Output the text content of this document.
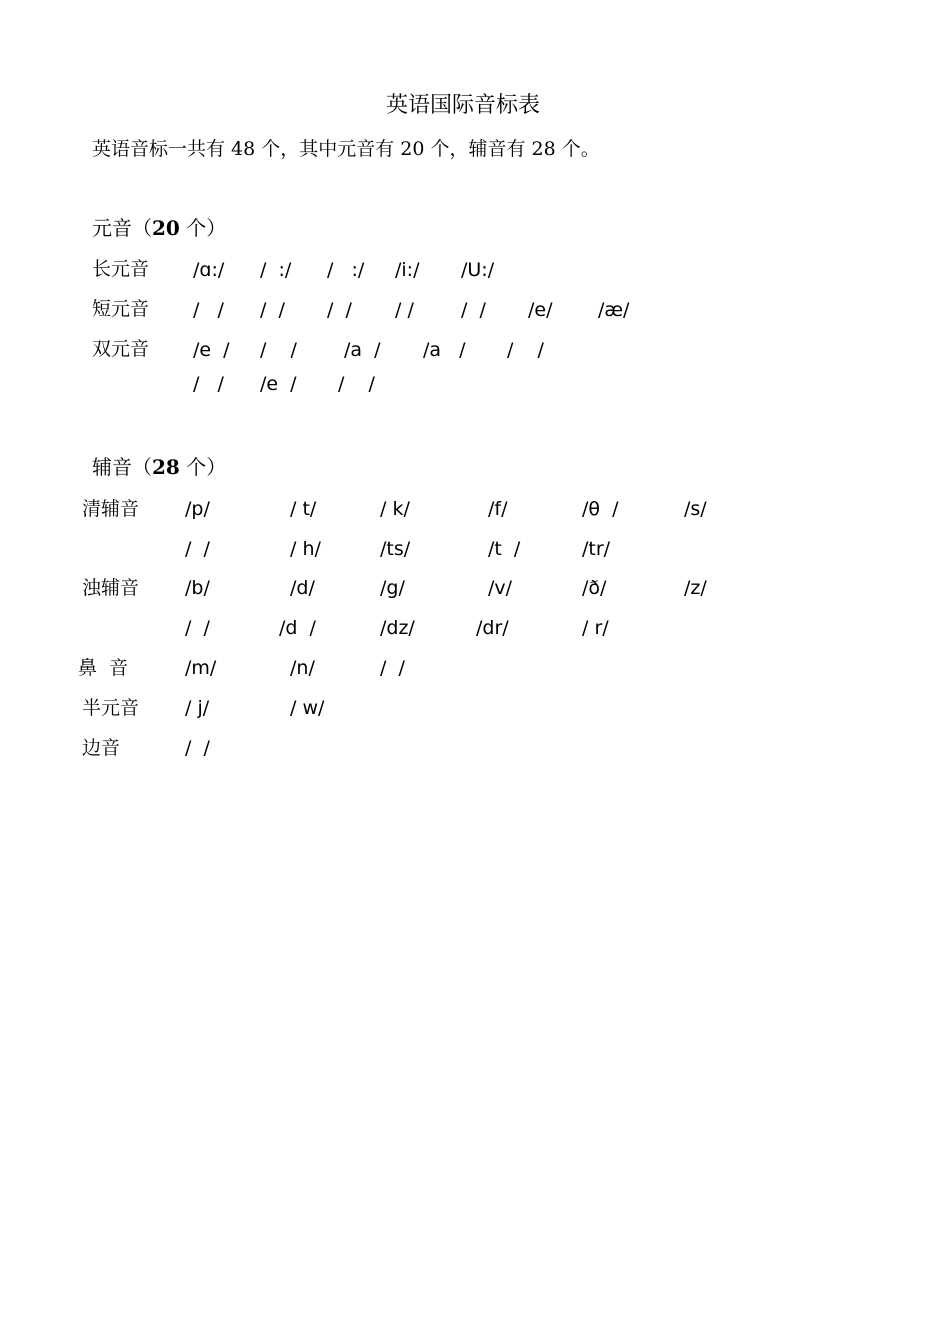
英语国际音标表
英语音标一共有 48 个，其中元音有 20 个，辅音有 28 个。
元音（20 个）
长元音 /ɑ:/ /  :/ /   :/ /i:/ /U:/
短元音 /   / /  / /  / / / /  / /e/ /æ/
双元音 /e  / /    / /a  / /a   / /    /
/   / /e  / /    /
辅音（28 个）
清辅音 /p/	/ t/	/ k/	/f/	/θ  /	/s/
/  /	/ h/	/ts/	/t  /	/tr/
浊辅音 /b/	/d/	/g/	/v/	/ð/	/z/
/  /	/d  /	/dz/	/dr/	/ r/
鼻  音	/m/	/n/	/  /
半元音 / j/	/ w/
边音	/  /
